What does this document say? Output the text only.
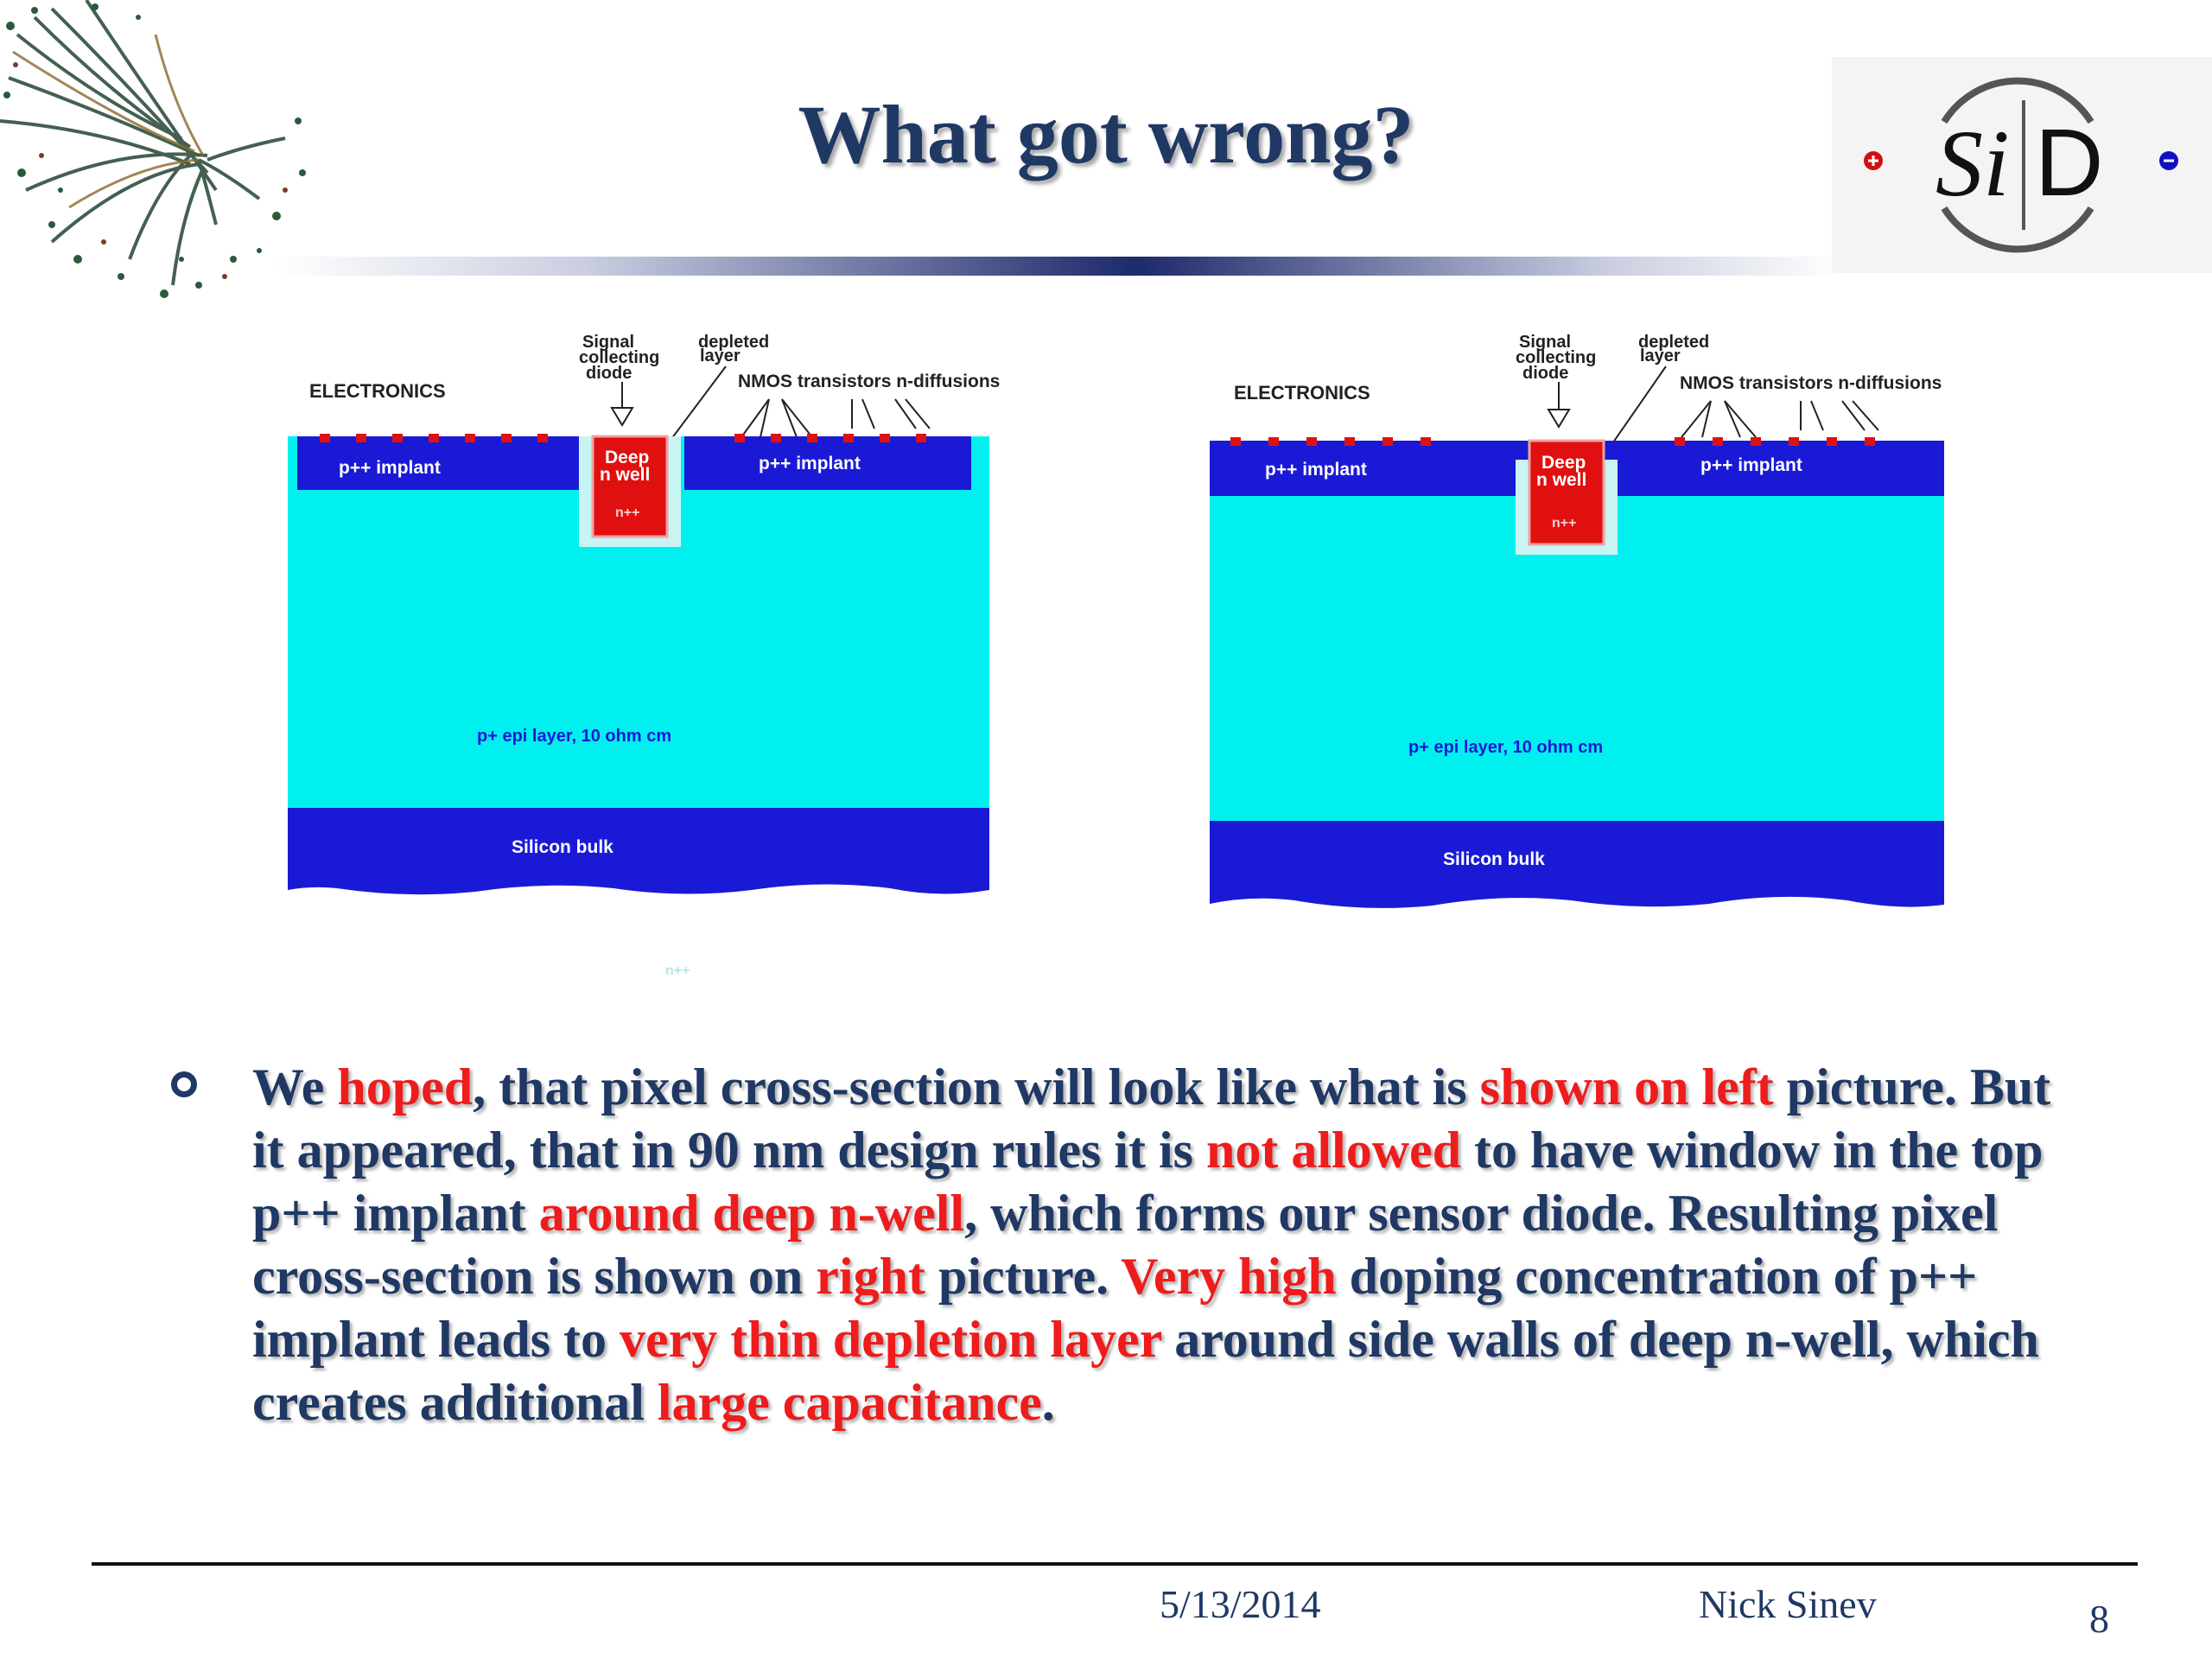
What got wrong?	Si D
ELECTRONICS
Signal
collecting
diode
depleted
layer
NMOS transistors n-diffusions
Deep
n well
n++
p++ implant	p++ implant
p+ epi layer, 10 ohm cm
Silicon bulk
n++
ELECTRONICS
Signal
collecting
diode
depleted
layer
NMOS transistors n-diffusions
Deep
n well
n++
p++ implant	p++ implant
p+ epi layer, 10 ohm cm
Silicon bulk
We hoped, that pixel cross-section will look like what is shown on left picture. But it appeared, that in 90 nm design rules it is not allowed to have window in the top p++ implant around deep n-well, which forms our sensor diode. Resulting pixel cross-section is shown on right picture. Very high doping concentration of p++ implant leads to very thin depletion layer around side walls of deep n-well, which creates additional large capacitance.
5/13/2014	Nick Sinev	8
